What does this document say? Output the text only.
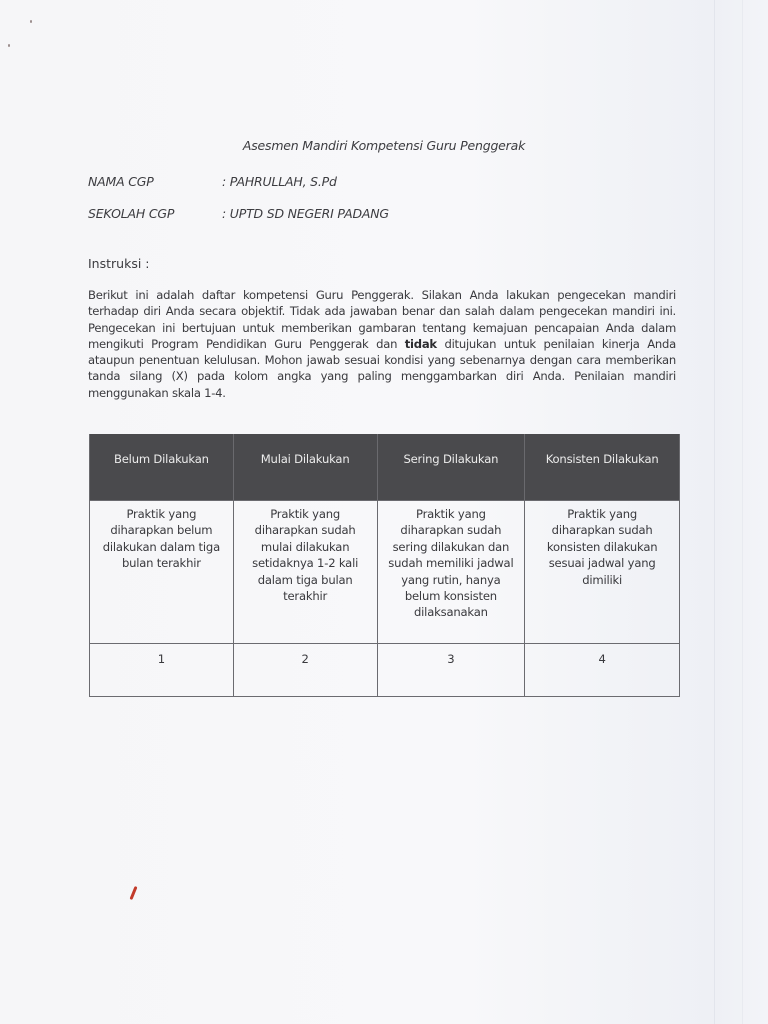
Asesmen Mandiri Kompetensi Guru Penggerak
NAMA CGP	: PAHRULLAH, S.Pd
SEKOLAH CGP	: UPTD SD NEGERI PADANG
Instruksi :
Berikut ini adalah daftar kompetensi Guru Penggerak. Silakan Anda lakukan pengecekan mandiri terhadap diri Anda secara objektif. Tidak ada jawaban benar dan salah dalam pengecekan mandiri ini. Pengecekan ini bertujuan untuk memberikan gambaran tentang kemajuan pencapaian Anda dalam mengikuti Program Pendidikan Guru Penggerak dan tidak ditujukan untuk penilaian kinerja Anda ataupun penentuan kelulusan. Mohon jawab sesuai kondisi yang sebenarnya dengan cara memberikan tanda silang (X) pada kolom angka yang paling menggambarkan diri Anda. Penilaian mandiri menggunakan skala 1-4.
Belum Dilakukan	Mulai Dilakukan	Sering Dilakukan	Konsisten Dilakukan
Praktik yang diharapkan belum dilakukan dalam tiga bulan terakhir	Praktik yang diharapkan sudah mulai dilakukan setidaknya 1-2 kali dalam tiga bulan terakhir	Praktik yang diharapkan sudah sering dilakukan dan sudah memiliki jadwal yang rutin, hanya belum konsisten dilaksanakan	Praktik yang diharapkan sudah konsisten dilakukan sesuai jadwal yang dimiliki
1	2	3	4
